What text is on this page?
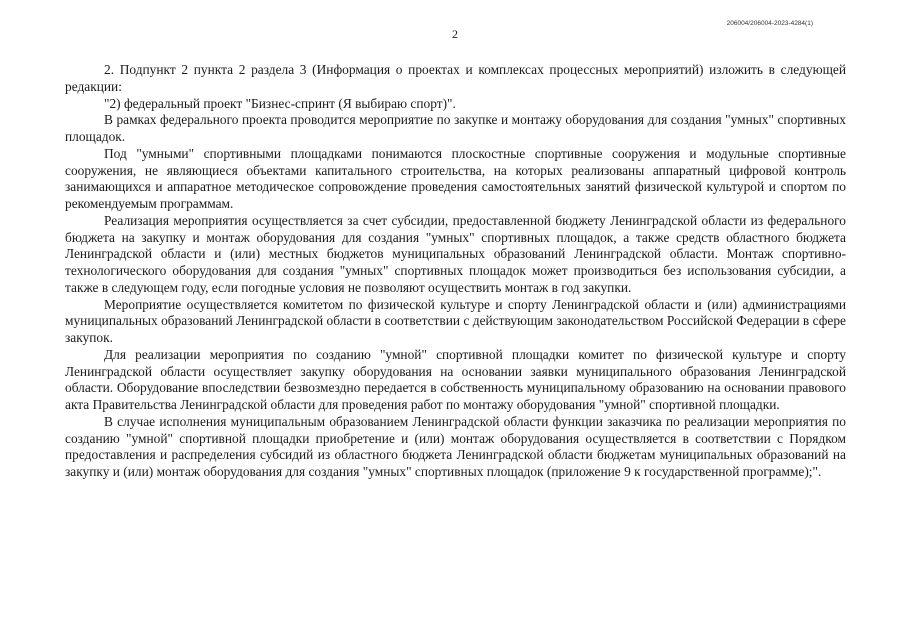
206004/206004-2023-4284(1)
2

2. Подпункт 2 пункта 2 раздела 3 (Информация о проектах и комплексах процессных мероприятий) изложить в следующей редакции:

"2) федеральный проект "Бизнес-спринт (Я выбираю спорт)".

В рамках федерального проекта проводится мероприятие по закупке и монтажу оборудования для создания "умных" спортивных площадок.

Под "умными" спортивными площадками понимаются плоскостные спортивные сооружения и модульные спортивные сооружения, не являющиеся объектами капитального строительства, на которых реализованы аппаратный цифровой контроль занимающихся и аппаратное методическое сопровождение проведения самостоятельных занятий физической культурой и спортом по рекомендуемым программам.

Реализация мероприятия осуществляется за счет субсидии, предоставленной бюджету Ленинградской области из федерального бюджета на закупку и монтаж оборудования для создания "умных" спортивных площадок, а также средств областного бюджета Ленинградской области и (или) местных бюджетов муниципальных образований Ленинградской области. Монтаж спортивно-технологического оборудования для создания "умных" спортивных площадок может производиться без использования субсидии, а также в следующем году, если погодные условия не позволяют осуществить монтаж в год закупки.

Мероприятие осуществляется комитетом по физической культуре и спорту Ленинградской области и (или) администрациями муниципальных образований Ленинградской области в соответствии с действующим законодательством Российской Федерации в сфере закупок.

Для реализации мероприятия по созданию "умной" спортивной площадки комитет по физической культуре и спорту Ленинградской области осуществляет закупку оборудования на основании заявки муниципального образования Ленинградской области. Оборудование впоследствии безвозмездно передается в собственность муниципальному образованию на основании правового акта Правительства Ленинградской области для проведения работ по монтажу оборудования "умной" спортивной площадки.

В случае исполнения муниципальным образованием Ленинградской области функции заказчика по реализации мероприятия по созданию "умной" спортивной площадки приобретение и (или) монтаж оборудования осуществляется в соответствии с Порядком предоставления и распределения субсидий из областного бюджета Ленинградской области бюджетам муниципальных образований на закупку и (или) монтаж оборудования для создания "умных" спортивных площадок (приложение 9 к государственной программе);".
